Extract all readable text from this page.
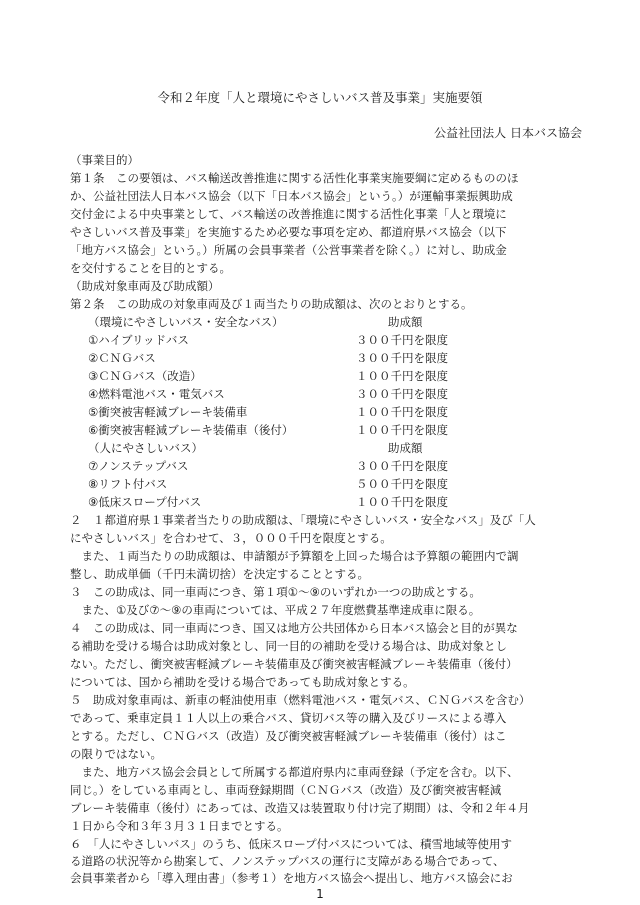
令和２年度「人と環境にやさしいバス普及事業」実施要領
公益社団法人 日本バス協会
（事業目的）
第１条　この要領は、バス輸送改善推進に関する活性化事業実施要綱に定めるもののほ
か、公益社団法人日本バス協会（以下「日本バス協会」という。）が運輸事業振興助成
交付金による中央事業として、バス輸送の改善推進に関する活性化事業「人と環境に
やさしいバス普及事業」を実施するため必要な事項を定め、都道府県バス協会（以下
「地方バス協会」という。）所属の会員事業者（公営事業者を除く。）に対し、助成金
を交付することを目的とする。
（助成対象車両及び助成額）
第２条　この助成の対象車両及び１両当たりの助成額は、次のとおりとする。
（環境にやさしいバス・安全なバス）	助成額
①ハイブリッドバス	３００千円を限度
②ＣＮＧバス	３００千円を限度
③ＣＮＧバス（改造）	１００千円を限度
④燃料電池バス・電気バス	３００千円を限度
⑤衝突被害軽減ブレーキ装備車	１００千円を限度
⑥衝突被害軽減ブレーキ装備車（後付）	１００千円を限度
（人にやさしいバス）	助成額
⑦ノンステップバス	３００千円を限度
⑧リフト付バス	５００千円を限度
⑨低床スロープ付バス	１００千円を限度
２　１都道府県１事業者当たりの助成額は、「環境にやさしいバス・安全なバス」及び「人
にやさしいバス」を合わせて、３，０００千円を限度とする。
　また、１両当たりの助成額は、申請額が予算額を上回った場合は予算額の範囲内で調
整し、助成単価（千円未満切捨）を決定することとする。
３　この助成は、同一車両につき、第１項①～⑨のいずれか一つの助成とする。
　また、①及び⑦～⑨の車両については、平成２７年度燃費基準達成車に限る。
４　この助成は、同一車両につき、国又は地方公共団体から日本バス協会と目的が異な
る補助を受ける場合は助成対象とし、同一目的の補助を受ける場合は、助成対象とし
ない。ただし、衝突被害軽減ブレーキ装備車及び衝突被害軽減ブレーキ装備車（後付）
については、国から補助を受ける場合であっても助成対象とする。
５　助成対象車両は、新車の軽油使用車（燃料電池バス・電気バス、ＣＮＧバスを含む）
であって、乗車定員１１人以上の乗合バス、貸切バス等の購入及びリースによる導入
とする。ただし、ＣＮＧバス（改造）及び衝突被害軽減ブレーキ装備車（後付）はこ
の限りではない。
　また、地方バス協会会員として所属する都道府県内に車両登録（予定を含む。以下、
同じ。）をしている車両とし、車両登録期間（ＣＮＧバス（改造）及び衝突被害軽減
ブレーキ装備車（後付）にあっては、改造又は装置取り付け完了期間）は、令和２年４月
１日から令和３年３月３１日までとする。
６　「人にやさしいバス」のうち、低床スロープ付バスについては、積雪地域等使用す
る道路の状況等から勘案して、ノンステップバスの運行に支障がある場合であって、
会員事業者から「導入理由書」（参考１）を地方バス協会へ提出し、地方バス協会にお
1
